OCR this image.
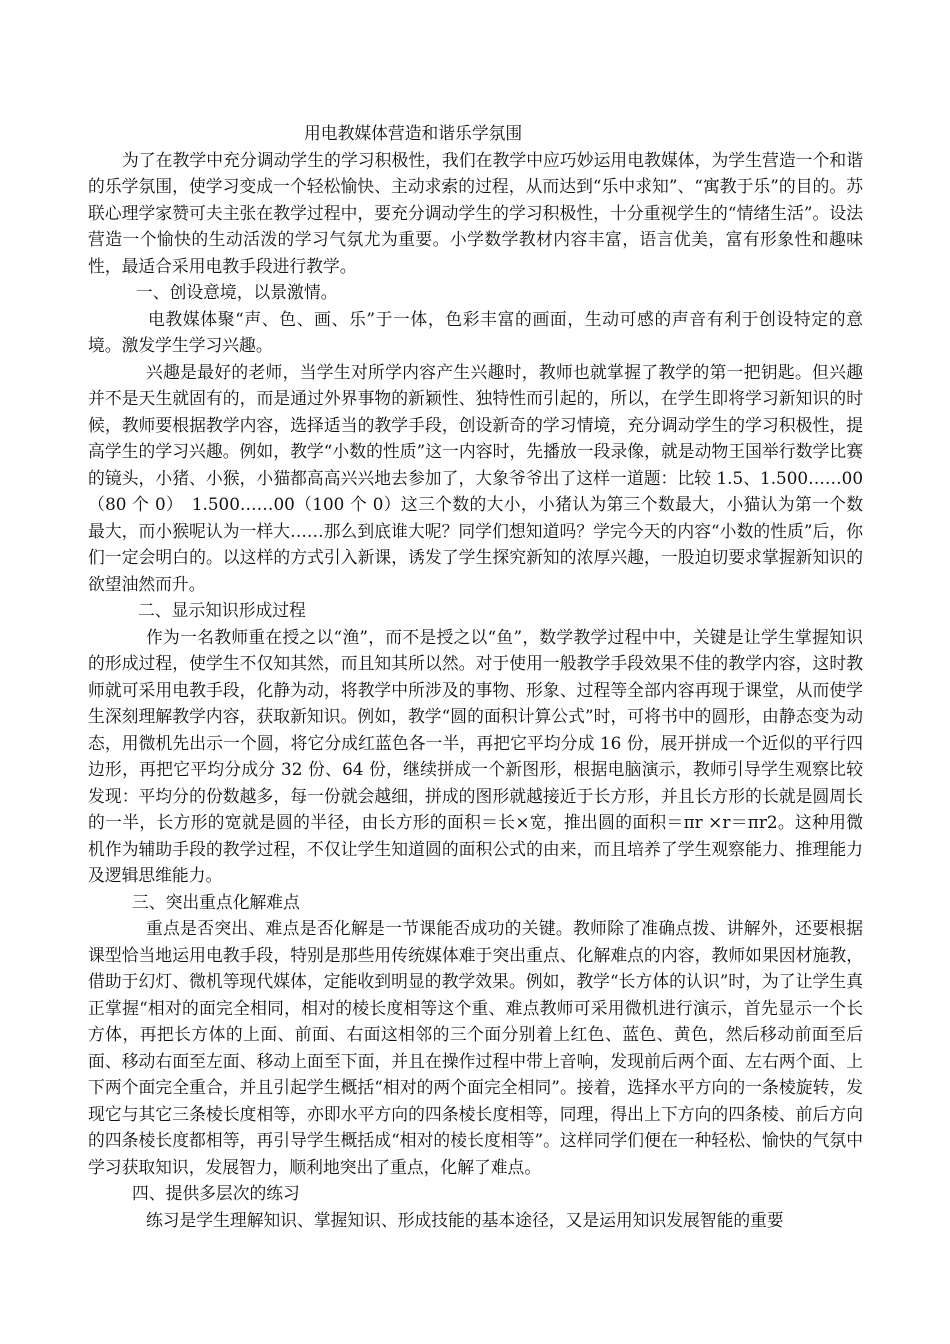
用电教媒体营造和谐乐学氛围

为了在教学中充分调动学生的学习积极性，我们在教学中应巧妙运用电教媒体，为学生营造一个和谐的乐学氛围，使学习变成一个轻松愉快、主动求索的过程，从而达到“乐中求知”、“寓教于乐”的目的。苏联心理学家赞可夫主张在教学过程中，要充分调动学生的学习积极性，十分重视学生的“情绪生活”。设法营造一个愉快的生动活泼的学习气氛尤为重要。小学数学教材内容丰富，语言优美，富有形象性和趣味性，最适合采用电教手段进行教学。

一、创设意境，以景激情。

电教媒体聚“声、色、画、乐”于一体，色彩丰富的画面，生动可感的声音有利于创设特定的意境。激发学生学习兴趣。

兴趣是最好的老师，当学生对所学内容产生兴趣时，教师也就掌握了教学的第一把钥匙。但兴趣并不是天生就固有的，而是通过外界事物的新颖性、独特性而引起的，所以，在学生即将学习新知识的时候，教师要根据教学内容，选择适当的教学手段，创设新奇的学习情境，充分调动学生的学习积极性，提高学生的学习兴趣。例如，教学“小数的性质”这一内容时，先播放一段录像，就是动物王国举行数学比赛的镜头，小猪、小猴，小猫都高高兴兴地去参加了，大象爷爷出了这样一道题：比较 1.5、1.500……00（80 个 0）　1.500……00（100 个 0）这三个数的大小，小猪认为第三个数最大，小猫认为第一个数最大，而小猴呢认为一样大……那么到底谁大呢？同学们想知道吗？学完今天的内容“小数的性质”后，你们一定会明白的。以这样的方式引入新课，诱发了学生探究新知的浓厚兴趣，一股迫切要求掌握新知识的欲望油然而升。

二、显示知识形成过程

作为一名教师重在授之以“渔”，而不是授之以“鱼”，数学教学过程中中，关键是让学生掌握知识的形成过程，使学生不仅知其然，而且知其所以然。对于使用一般教学手段效果不佳的教学内容，这时教师就可采用电教手段，化静为动，将教学中所涉及的事物、形象、过程等全部内容再现于课堂，从而使学生深刻理解教学内容，获取新知识。例如，教学“圆的面积计算公式”时，可将书中的圆形，由静态变为动态，用微机先出示一个圆，将它分成红蓝色各一半，再把它平均分成 16 份，展开拼成一个近似的平行四边形，再把它平均分成分 32 份、64 份，继续拼成一个新图形，根据电脑演示，教师引导学生观察比较发现：平均分的份数越多，每一份就会越细，拼成的图形就越接近于长方形，并且长方形的长就是圆周长的一半，长方形的宽就是圆的半径，由长方形的面积＝长×宽，推出圆的面积＝πr ×r＝πr2。这种用微机作为辅助手段的教学过程，不仅让学生知道圆的面积公式的由来，而且培养了学生观察能力、推理能力及逻辑思维能力。

三、突出重点化解难点

重点是否突出、难点是否化解是一节课能否成功的关键。教师除了准确点拨、讲解外，还要根据课型恰当地运用电教手段，特别是那些用传统媒体难于突出重点、化解难点的内容，教师如果因材施教，借助于幻灯、微机等现代媒体，定能收到明显的教学效果。例如，教学“长方体的认识”时，为了让学生真正掌握“相对的面完全相同，相对的棱长度相等这个重、难点教师可采用微机进行演示，首先显示一个长方体，再把长方体的上面、前面、右面这相邻的三个面分别着上红色、蓝色、黄色，然后移动前面至后面、移动右面至左面、移动上面至下面，并且在操作过程中带上音响，发现前后两个面、左右两个面、上下两个面完全重合，并且引起学生概括“相对的两个面完全相同”。接着，选择水平方向的一条棱旋转，发现它与其它三条棱长度相等，亦即水平方向的四条棱长度相等，同理，得出上下方向的四条棱、前后方向的四条棱长度都相等，再引导学生概括成“相对的棱长度相等”。这样同学们便在一种轻松、愉快的气氛中学习获取知识，发展智力，顺利地突出了重点，化解了难点。

四、提供多层次的练习

练习是学生理解知识、掌握知识、形成技能的基本途径，又是运用知识发展智能的重要
